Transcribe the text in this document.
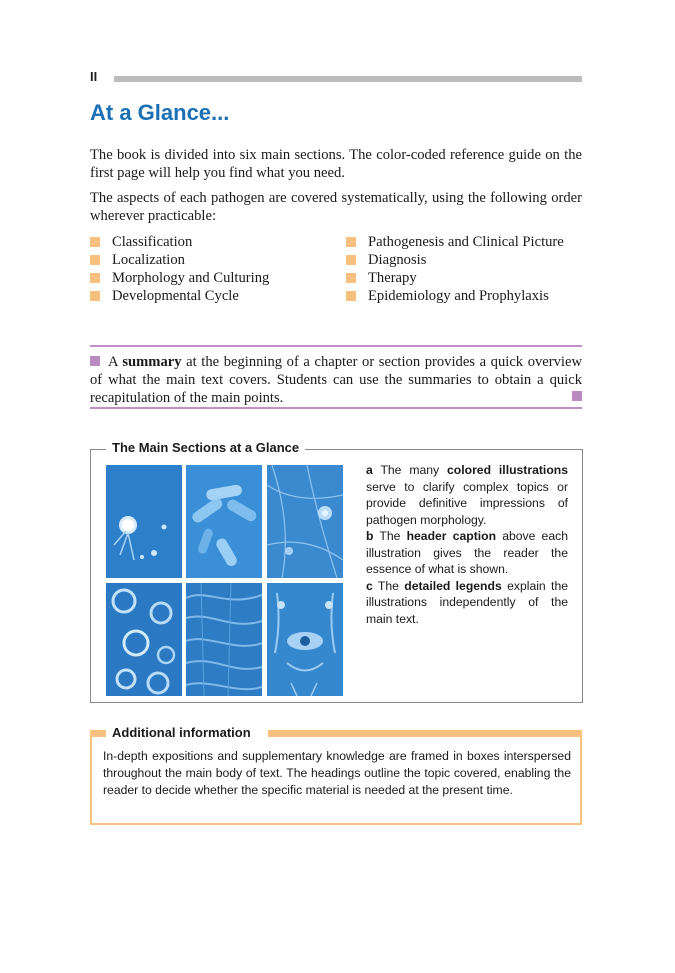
II
At a Glance...

The book is divided into six main sections. The color-coded reference guide on the first page will help you find what you need.

The aspects of each pathogen are covered systematically, using the following order wherever practicable:

Classification
Localization
Morphology and Culturing
Developmental Cycle
Pathogenesis and Clinical Picture
Diagnosis
Therapy
Epidemiology and Prophylaxis

A summary at the beginning of a chapter or section provides a quick overview of what the main text covers. Students can use the summaries to obtain a quick recapitulation of the main points.

The Main Sections at a Glance
a The many colored illustrations serve to clarify complex topics or provide definitive impressions of pathogen morphology.
b The header caption above each illustration gives the reader the essence of what is shown.
c The detailed legends explain the illustrations independently of the main text.
Additional information

In-depth expositions and supplementary knowledge are framed in boxes interspersed throughout the main body of text. The headings outline the topic covered, enabling the reader to decide whether the specific material is needed at the present time.
